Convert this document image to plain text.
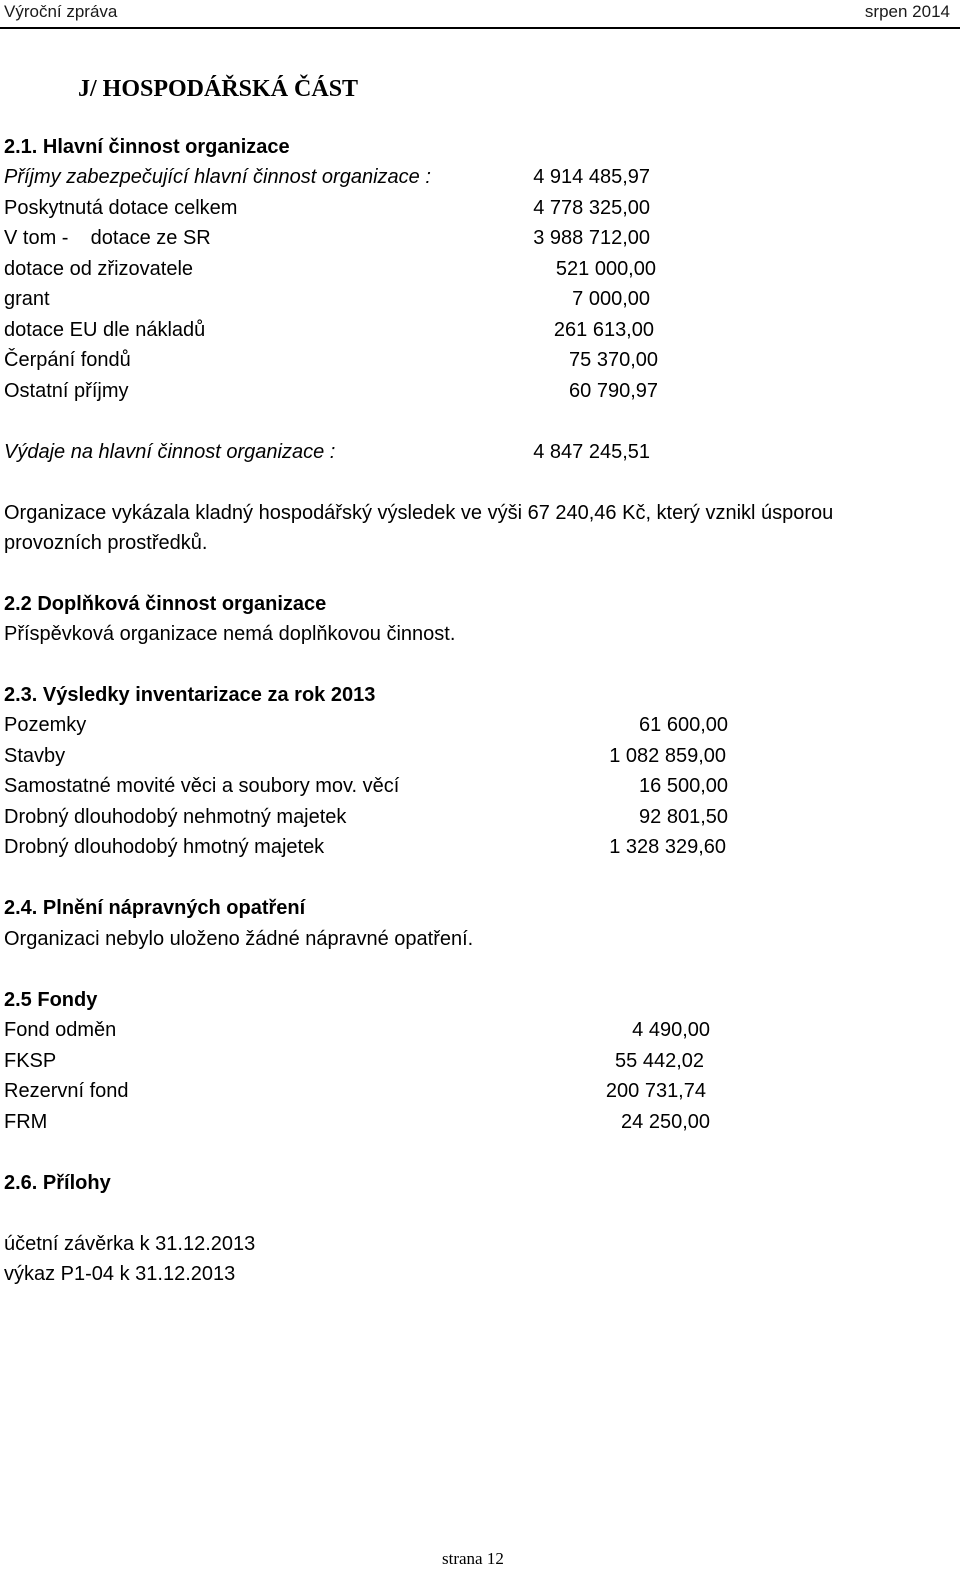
Výroční zpráva	srpen 2014
J/ HOSPODÁŘSKÁ ČÁST
2.1. Hlavní činnost organizace
Příjmy zabezpečující hlavní činnost organizace :	4 914 485,97
Poskytnutá dotace celkem	4 778 325,00
V tom -    dotace ze SR	3 988 712,00
dotace od zřizovatele	521 000,00
grant	7 000,00
dotace EU dle nákladů	261 613,00
Čerpání fondů	75 370,00
Ostatní příjmy	60 790,97
Výdaje na hlavní činnost organizace :	4 847 245,51
Organizace vykázala kladný hospodářský výsledek ve výši 67 240,46 Kč, který vznikl úsporou
provozních prostředků.
2.2 Doplňková činnost organizace
Příspěvková organizace nemá doplňkovou činnost.
2.3. Výsledky inventarizace za rok 2013
Pozemky	61 600,00
Stavby	1 082 859,00
Samostatné movité věci a soubory mov. věcí	16 500,00
Drobný dlouhodobý nehmotný majetek	92 801,50
Drobný dlouhodobý hmotný majetek	1 328 329,60
2.4. Plnění nápravných opatření
Organizaci nebylo uloženo žádné nápravné opatření.
2.5 Fondy
Fond odměn	4 490,00
FKSP	55 442,02
Rezervní fond	200 731,74
FRM	24 250,00
2.6. Přílohy
účetní závěrka k 31.12.2013
výkaz P1-04 k 31.12.2013
strana 12
